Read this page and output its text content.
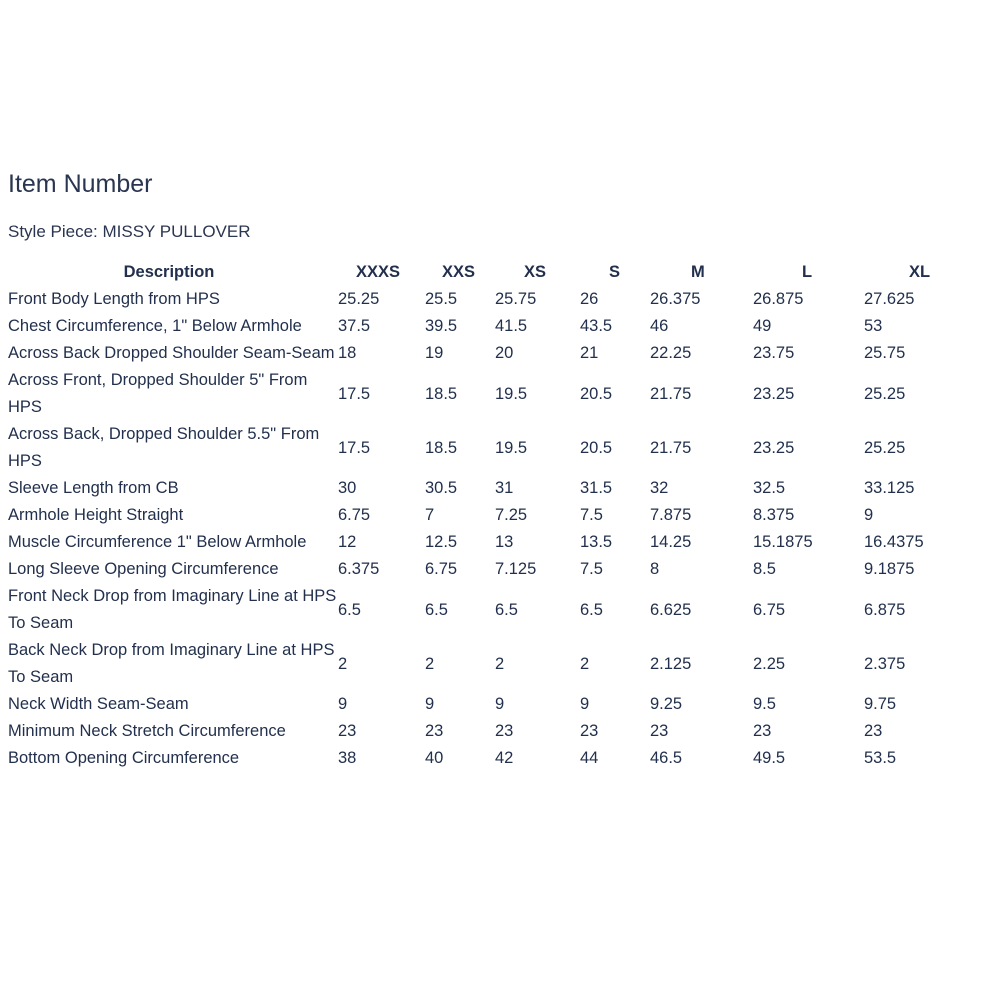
Item Number
Style Piece: MISSY PULLOVER
Description	XXXS	XXS	XS	S	M	L	XL
Front Body Length from HPS	25.25	25.5	25.75	26	26.375	26.875	27.625
Chest Circumference, 1" Below Armhole	37.5	39.5	41.5	43.5	46	49	53
Across Back Dropped Shoulder Seam-Seam	18	19	20	21	22.25	23.75	25.75
Across Front, Dropped Shoulder 5" From HPS	17.5	18.5	19.5	20.5	21.75	23.25	25.25
Across Back, Dropped Shoulder 5.5" From HPS	17.5	18.5	19.5	20.5	21.75	23.25	25.25
Sleeve Length from CB	30	30.5	31	31.5	32	32.5	33.125
Armhole Height Straight	6.75	7	7.25	7.5	7.875	8.375	9
Muscle Circumference 1" Below Armhole	12	12.5	13	13.5	14.25	15.1875	16.4375
Long Sleeve Opening Circumference	6.375	6.75	7.125	7.5	8	8.5	9.1875
Front Neck Drop from Imaginary Line at HPS To Seam	6.5	6.5	6.5	6.5	6.625	6.75	6.875
Back Neck Drop from Imaginary Line at HPS To Seam	2	2	2	2	2.125	2.25	2.375
Neck Width Seam-Seam	9	9	9	9	9.25	9.5	9.75
Minimum Neck Stretch Circumference	23	23	23	23	23	23	23
Bottom Opening Circumference	38	40	42	44	46.5	49.5	53.5
